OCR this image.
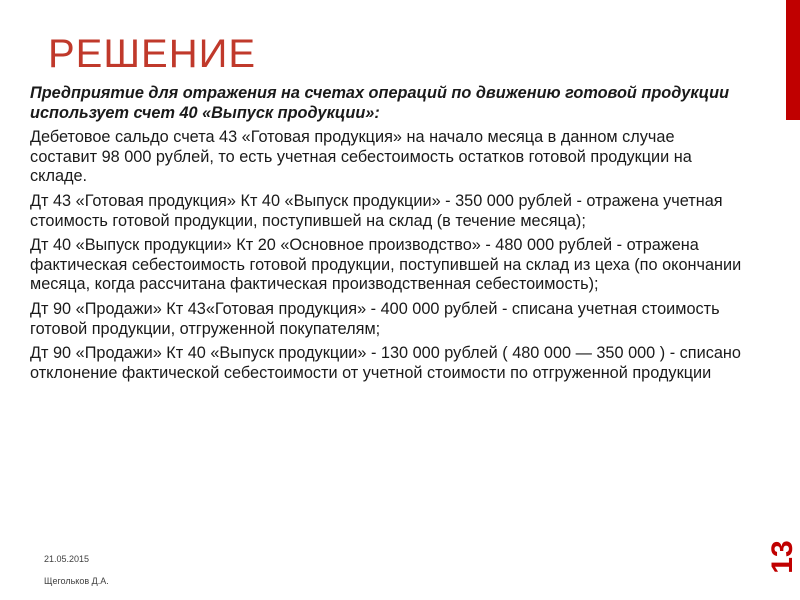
РЕШЕНИЕ

Предприятие для отражения на счетах операций по движению готовой продукции использует счет 40 «Выпуск продукции»:

Дебетовое сальдо счета 43 «Готовая продукция» на начало месяца в данном случае составит 98 000 рублей, то есть учетная себестоимость остатков готовой продукции на складе.

Дт 43 «Готовая продукция» Кт 40 «Выпуск продукции» - 350 000 рублей - отражена учетная стоимость готовой продукции, поступившей на склад (в течение месяца);

Дт 40 «Выпуск продукции» Кт 20 «Основное производство» - 480 000 рублей - отражена фактическая себестоимость готовой продукции, поступившей на склад из цеха (по окончании месяца, когда рассчитана фактическая производственная себестоимость);

Дт 90 «Продажи» Кт 43«Готовая продукция» - 400 000 рублей - списана учетная стоимость готовой продукции, отгруженной покупателям;

Дт 90 «Продажи» Кт 40 «Выпуск продукции» - 130 000 рублей ( 480 000 — 350 000 ) - списано отклонение фактической себестоимости от учетной стоимости по отгруженной продукции

21.05.2015
Щегольков Д.А.
13
